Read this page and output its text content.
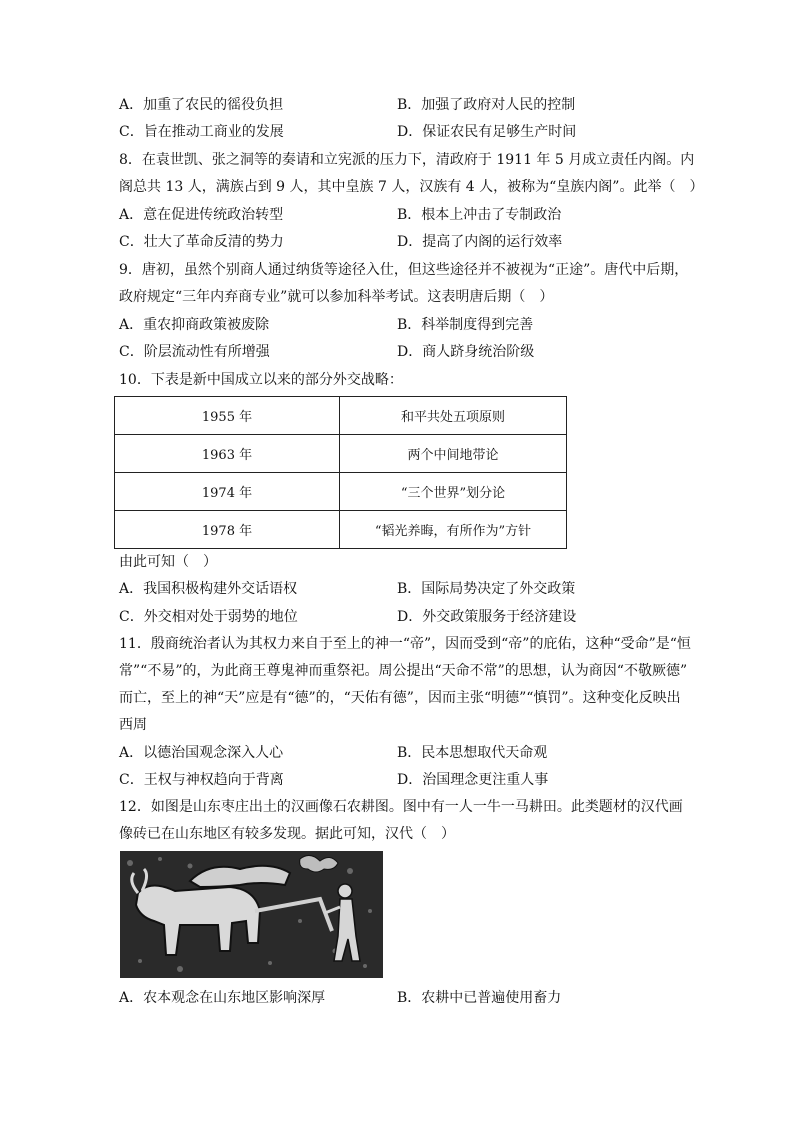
A．加重了农民的徭役负担	B．加强了政府对人民的控制
C．旨在推动工商业的发展	D．保证农民有足够生产时间
8．在袁世凯、张之洞等的奏请和立宪派的压力下，清政府于 1911 年 5 月成立责任内阁。内
阁总共 13 人，满族占到 9 人，其中皇族 7 人，汉族有 4 人，被称为“皇族内阁”。此举（　）
A．意在促进传统政治转型	B．根本上冲击了专制政治
C．壮大了革命反清的势力	D．提高了内阁的运行效率
9．唐初，虽然个别商人通过纳货等途径入仕，但这些途径并不被视为“正途”。唐代中后期，
政府规定“三年内弃商专业”就可以参加科举考试。这表明唐后期（　）
A．重农抑商政策被废除	B．科举制度得到完善
C．阶层流动性有所增强	D．商人跻身统治阶级
10．下表是新中国成立以来的部分外交战略：
1955 年	和平共处五项原则
1963 年	两个中间地带论
1974 年	“三个世界”划分论
1978 年	“韬光养晦，有所作为”方针
由此可知（　）
A．我国积极构建外交话语权	B．国际局势决定了外交政策
C．外交相对处于弱势的地位	D．外交政策服务于经济建设
11．殷商统治者认为其权力来自于至上的神一“帝”，因而受到“帝”的庇佑，这种“受命”是“恒
常”“不易”的，为此商王尊鬼神而重祭祀。周公提出“天命不常”的思想，认为商因“不敬厥德”
而亡，至上的神“天”应是有“德”的，“天佑有德”，因而主张“明德”“慎罚”。这种变化反映出
西周
A．以德治国观念深入人心	B．民本思想取代天命观
C．王权与神权趋向于背离	D．治国理念更注重人事
12．如图是山东枣庄出土的汉画像石农耕图。图中有一人一牛一马耕田。此类题材的汉代画
像砖已在山东地区有较多发现。据此可知，汉代（　）
A．农本观念在山东地区影响深厚	B．农耕中已普遍使用畜力
